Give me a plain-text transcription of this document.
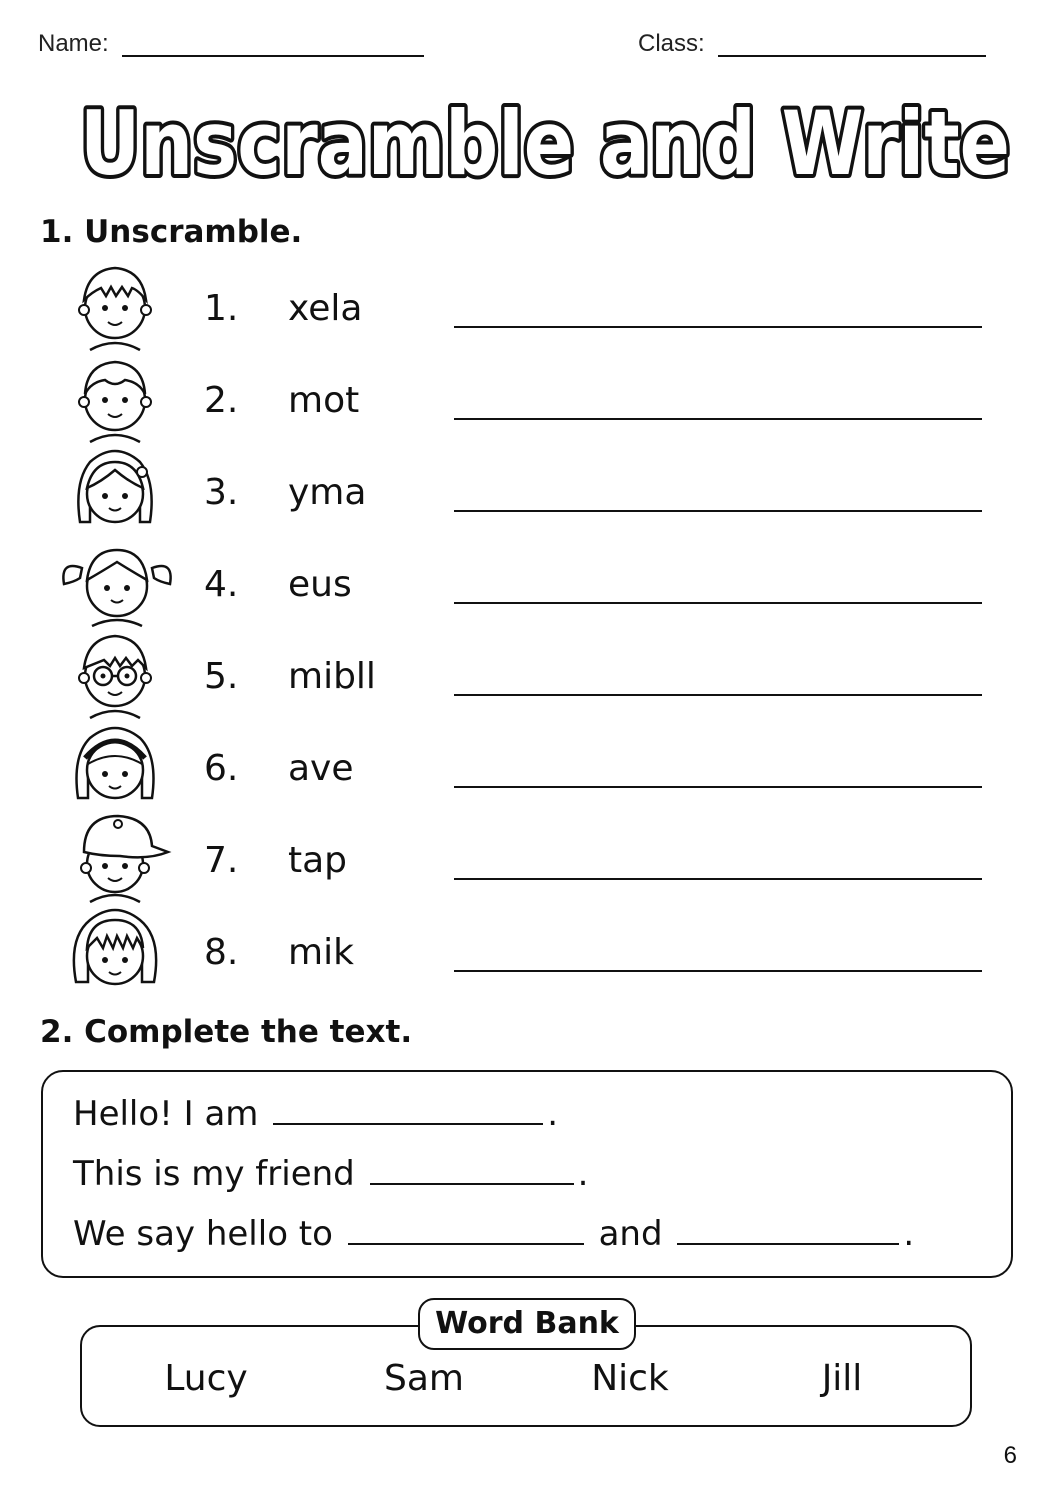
Name:	Class:
Unscramble and Write
1. Unscramble.
1. xela
2. mot
3. yma
4. eus
5. mibll
6. ave
7. tap
8. mik
2. Complete the text.
Hello! I am	.
This is my friend	.
We say hello to	and	.
Word Bank
Lucy	Sam	Nick	Jill
6
